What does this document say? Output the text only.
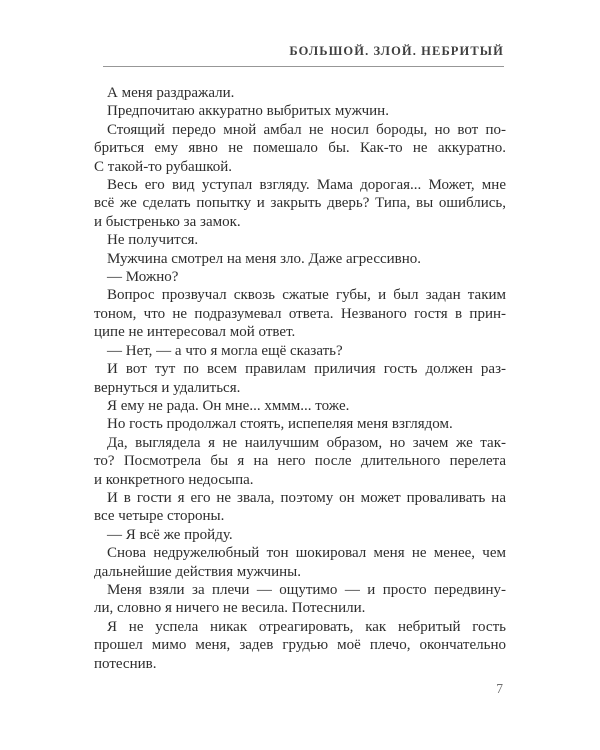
БОЛЬШОЙ. ЗЛОЙ. НЕБРИТЫЙ
А меня раздражали.
Предпочитаю аккуратно выбритых мужчин.
Стоящий передо мной амбал не носил бороды, но вот по-
бриться ему явно не помешало бы. Как-то не аккуратно.
С такой-то рубашкой.
Весь его вид уступал взгляду. Мама дорогая... Может, мне
всё же сделать попытку и закрыть дверь? Типа, вы ошиблись,
и быстренько за замок.
Не получится.
Мужчина смотрел на меня зло. Даже агрессивно.
— Можно?
Вопрос прозвучал сквозь сжатые губы, и был задан таким
тоном, что не подразумевал ответа. Незваного гостя в прин-
ципе не интересовал мой ответ.
— Нет, — а что я могла ещё сказать?
И вот тут по всем правилам приличия гость должен раз-
вернуться и удалиться.
Я ему не рада. Он мне... хммм... тоже.
Но гость продолжал стоять, испепеляя меня взглядом.
Да, выглядела я не наилучшим образом, но зачем же так-
то? Посмотрела бы я на него после длительного перелета
и конкретного недосыпа.
И в гости я его не звала, поэтому он может проваливать на
все четыре стороны.
— Я всё же пройду.
Снова недружелюбный тон шокировал меня не менее, чем
дальнейшие действия мужчины.
Меня взяли за плечи — ощутимо — и просто передвину-
ли, словно я ничего не весила. Потеснили.
Я не успела никак отреагировать, как небритый гость
прошел мимо меня, задев грудью моё плечо, окончательно
потеснив.
7
